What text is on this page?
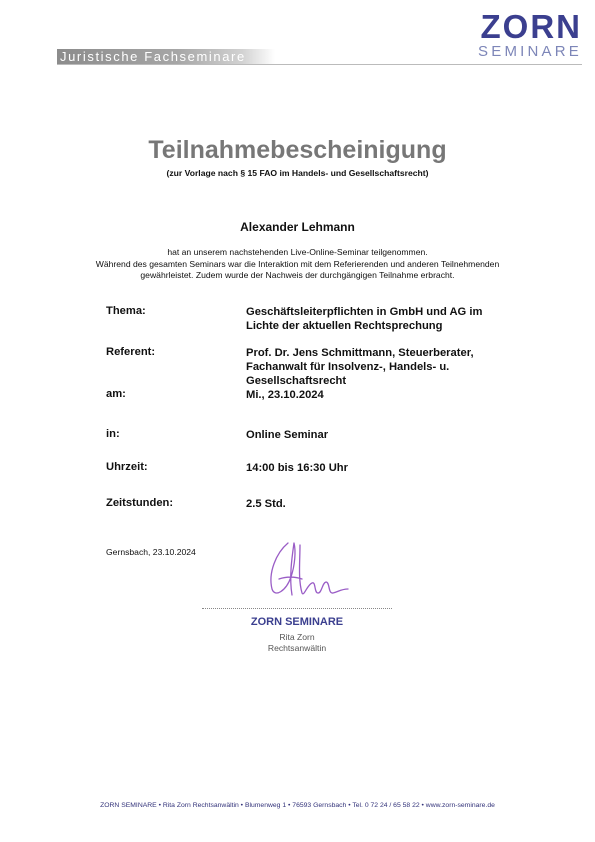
Juristische Fachseminare
ZORN
SEMINARE
Teilnahmebescheinigung
(zur Vorlage nach § 15 FAO im Handels- und Gesellschaftsrecht)
Alexander Lehmann
hat an unserem nachstehenden Live-Online-Seminar teilgenommen.
Während des gesamten Seminars war die Interaktion mit dem Referierenden und anderen Teilnehmenden
gewährleistet. Zudem wurde der Nachweis der durchgängigen Teilnahme erbracht.
Thema:	Geschäftsleiterpflichten in GmbH und AG im
Lichte der aktuellen Rechtsprechung
Referent:	Prof. Dr. Jens Schmittmann, Steuerberater,
Fachanwalt für Insolvenz-, Handels- u.
Gesellschaftsrecht
am:	Mi., 23.10.2024
in:	Online Seminar
Uhrzeit:	14:00 bis 16:30 Uhr
Zeitstunden:	2.5 Std.
Gernsbach, 23.10.2024
ZORN SEMINARE
Rita Zorn
Rechtsanwältin
ZORN SEMINARE • Rita Zorn Rechtsanwältin • Blumenweg 1 • 76593 Gernsbach • Tel. 0 72 24 / 65 58 22 • www.zorn-seminare.de
